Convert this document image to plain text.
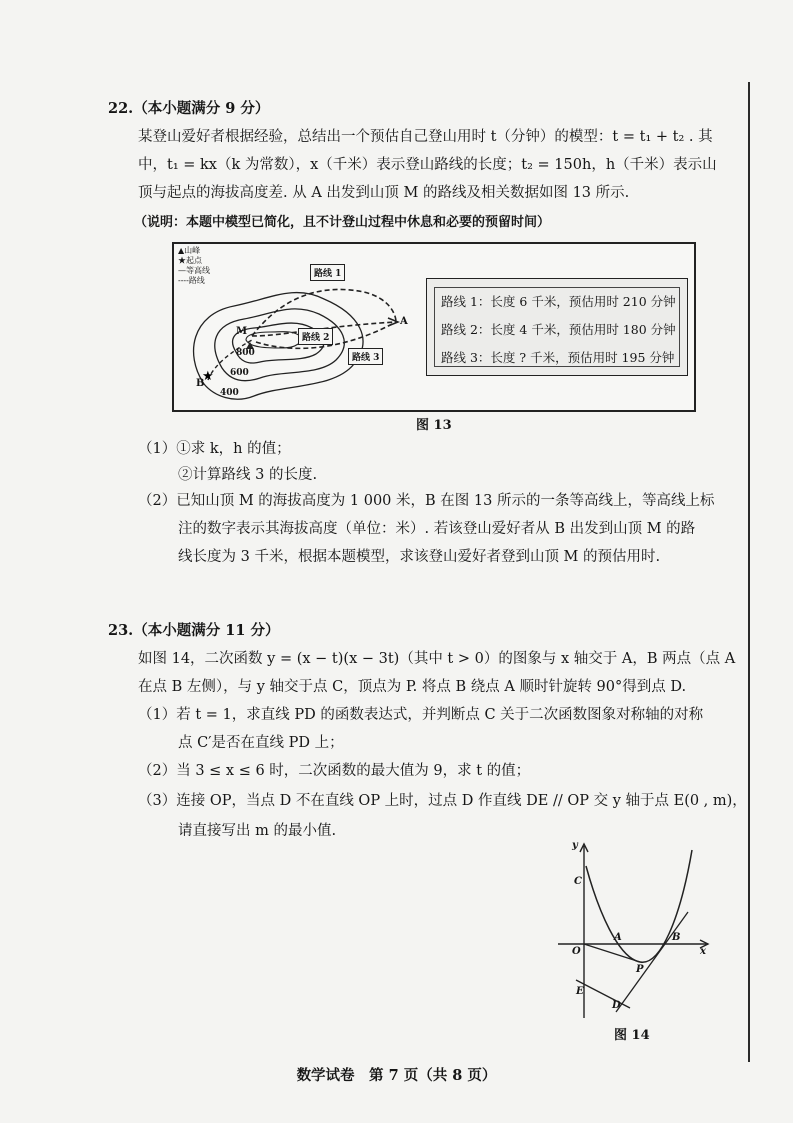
22.（本小题满分 9 分）
某登山爱好者根据经验，总结出一个预估自己登山用时 t（分钟）的模型：t = t₁ + t₂ . 其
中，t₁ = kx（k 为常数），x（千米）表示登山路线的长度；t₂ = 150h，h（千米）表示山
顶与起点的海拔高度差. 从 A 出发到山顶 M 的路线及相关数据如图 13 所示.
（说明：本题中模型已简化，且不计登山过程中休息和必要的预留时间）
▲山峰
★起点
—等高线
----路线
★
M
A
B
800
600
400
路线 1
路线 2
路线 3
路线 1：长度 6 千米，预估用时 210 分钟
路线 2：长度 4 千米，预估用时 180 分钟
路线 3：长度 ? 千米，预估用时 195 分钟
图 13
（1）①求 k，h 的值；
②计算路线 3 的长度.
（2）已知山顶 M 的海拔高度为 1 000 米，B 在图 13 所示的一条等高线上，等高线上标
注的数字表示其海拔高度（单位：米）. 若该登山爱好者从 B 出发到山顶 M 的路
线长度为 3 千米，根据本题模型，求该登山爱好者登到山顶 M 的预估用时.
23.（本小题满分 11 分）
如图 14，二次函数 y = (x − t)(x − 3t)（其中 t > 0）的图象与 x 轴交于 A，B 两点（点 A
在点 B 左侧），与 y 轴交于点 C，顶点为 P. 将点 B 绕点 A 顺时针旋转 90°得到点 D.
（1）若 t = 1，求直线 PD 的函数表达式，并判断点 C 关于二次函数图象对称轴的对称
点 C′是否在直线 PD 上；
（2）当 3 ≤ x ≤ 6 时，二次函数的最大值为 9，求 t 的值；
（3）连接 OP，当点 D 不在直线 OP 上时，过点 D 作直线 DE // OP 交 y 轴于点 E(0 , m)，
请直接写出 m 的最小值.
y
x
O
C
A	B
P
E
D
图 14
数学试卷　第 7 页（共 8 页）
